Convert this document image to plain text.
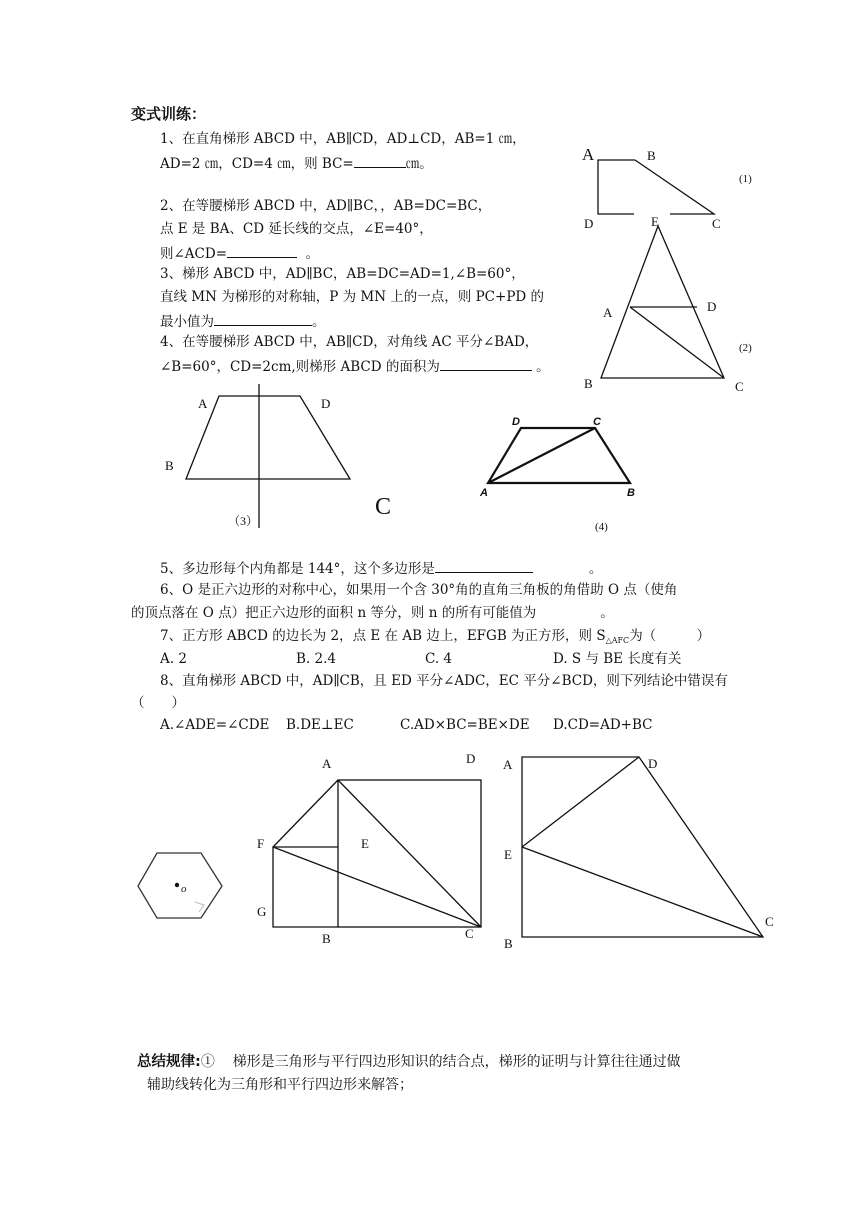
变式训练：
1、在直角梯形 ABCD 中，AB∥CD，AD⊥CD，AB=1 ㎝，
AD=2 ㎝，CD=4 ㎝，则 BC=	㎝。
2、在等腰梯形 ABCD 中，AD∥BC，，AB=DC=BC，
点 E 是 BA、CD 延长线的交点，∠E=40°，
则∠ACD=	。
3、梯形 ABCD 中，AD∥BC，AB=DC=AD=1,∠B=60°，
直线 MN 为梯形的对称轴，P 为 MN 上的一点，则 PC+PD 的
最小值为	。
4、在等腰梯形 ABCD 中，AB∥CD，对角线 AC 平分∠BAD，
∠B=60°，CD=2cm,则梯形 ABCD 的面积为	。
A	B
D	C
(1)
E
A	D
B	C
(2)
A	D
B
C
（3）
D	C
A	B
(4)
5、多边形每个内角都是 144°，这个多边形是	。
6、O 是正六边形的对称中心，如果用一个含 30°角的直角三角板的角借助 O 点（使角
的顶点落在 O 点）把正六边形的面积 n 等分，则 n 的所有可能值为	。
7、正方形 ABCD 的边长为 2，点 E 在 AB 边上，EFGB 为正方形，则 $S_{\triangle AFC}$为（　　　）
A. 2	B. 2.4	C. 4	D. S 与 BE 长度有关
8、直角梯形 ABCD 中，AD∥CB，且 ED 平分∠ADC，EC 平分∠BCD，则下列结论中错误有
（　　）
A.∠ADE=∠CDE B.DE⊥EC	C.AD×BC=BE×DE D.CD=AD+BC
o
A	D
F	E
G
B	C
A	D
E
B
C
总结规律:① 梯形是三角形与平行四边形知识的结合点，梯形的证明与计算往往通过做
辅助线转化为三角形和平行四边形来解答；
